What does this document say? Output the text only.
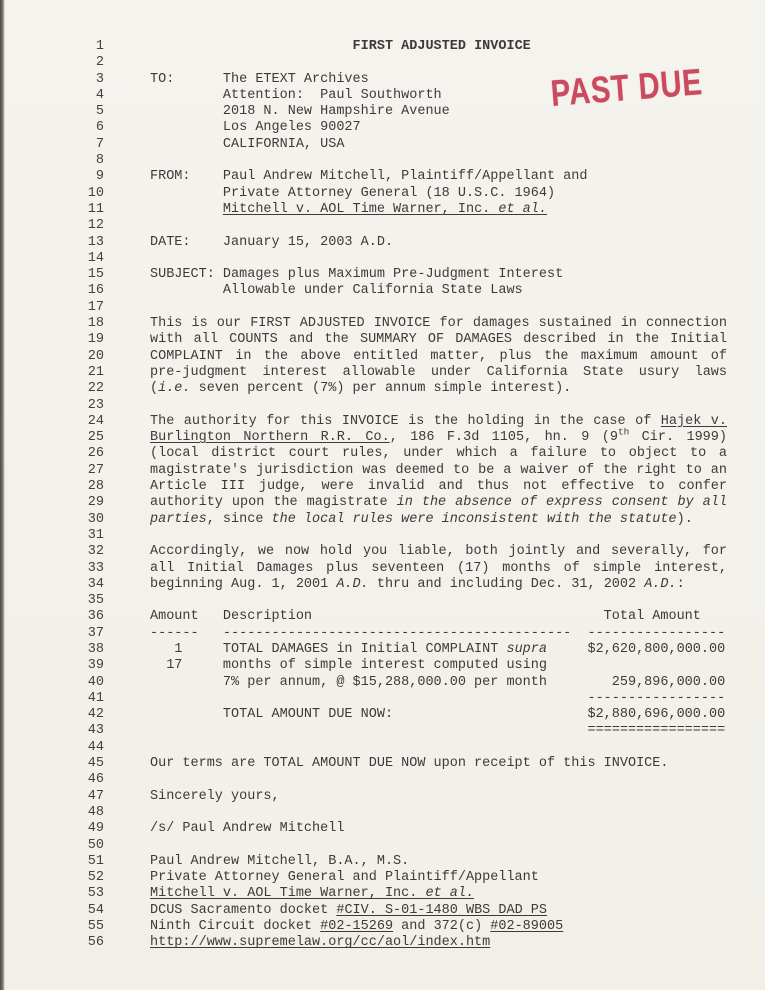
1	FIRST ADJUSTED INVOICE
2
3	TO:      The ETEXT Archives
4	Attention:  Paul Southworth
5	2018 N. New Hampshire Avenue
6	Los Angeles 90027
7	CALIFORNIA, USA
8
9	FROM:    Paul Andrew Mitchell, Plaintiff/Appellant and
10	Private Attorney General (18 U.S.C. 1964)
11	Mitchell v. AOL Time Warner, Inc. et al.
12
13	DATE:    January 15, 2003 A.D.
14
15	SUBJECT: Damages plus Maximum Pre-Judgment Interest
16	Allowable under California State Laws
17
18	This is our FIRST ADJUSTED INVOICE for damages sustained in connection
19	with all COUNTS and the SUMMARY OF DAMAGES described in the Initial
20	COMPLAINT in the above entitled matter, plus the maximum amount of
21	pre-judgment interest allowable under California State usury laws
22	(i.e. seven percent (7%) per annum simple interest).
23
24	The authority for this INVOICE is the holding in the case of Hajek v.
25	Burlington Northern R.R. Co., 186 F.3d 1105, hn. 9 (9th Cir. 1999)
26	(local district court rules, under which a failure to object to a
27	magistrate's jurisdiction was deemed to be a waiver of the right to an
28	Article III judge, were invalid and thus not effective to confer
29	authority upon the magistrate in the absence of express consent by all
30	parties, since the local rules were inconsistent with the statute).
31
32	Accordingly, we now hold you liable, both jointly and severally, for
33	all Initial Damages plus seventeen (17) months of simple interest,
34	beginning Aug. 1, 2001 A.D. thru and including Dec. 31, 2002 A.D.:
35
36	Amount   Description                                    Total Amount
37	------   -------------------------------------------  -----------------
38	1     TOTAL DAMAGES in Initial COMPLAINT supra     $2,620,800,000.00
39	17     months of simple interest computed using
40	7% per annum, @ $15,288,000.00 per month        259,896,000.00
41	-----------------
42	TOTAL AMOUNT DUE NOW:                        $2,880,696,000.00
43	=================
44
45	Our terms are TOTAL AMOUNT DUE NOW upon receipt of this INVOICE.
46
47	Sincerely yours,
48
49	/s/ Paul Andrew Mitchell
50
51	Paul Andrew Mitchell, B.A., M.S.
52	Private Attorney General and Plaintiff/Appellant
53	Mitchell v. AOL Time Warner, Inc. et al.
54	DCUS Sacramento docket #CIV. S-01-1480 WBS DAD PS
55	Ninth Circuit docket #02-15269 and 372(c) #02-89005
56	http://www.supremelaw.org/cc/aol/index.htm
PAST DUE
